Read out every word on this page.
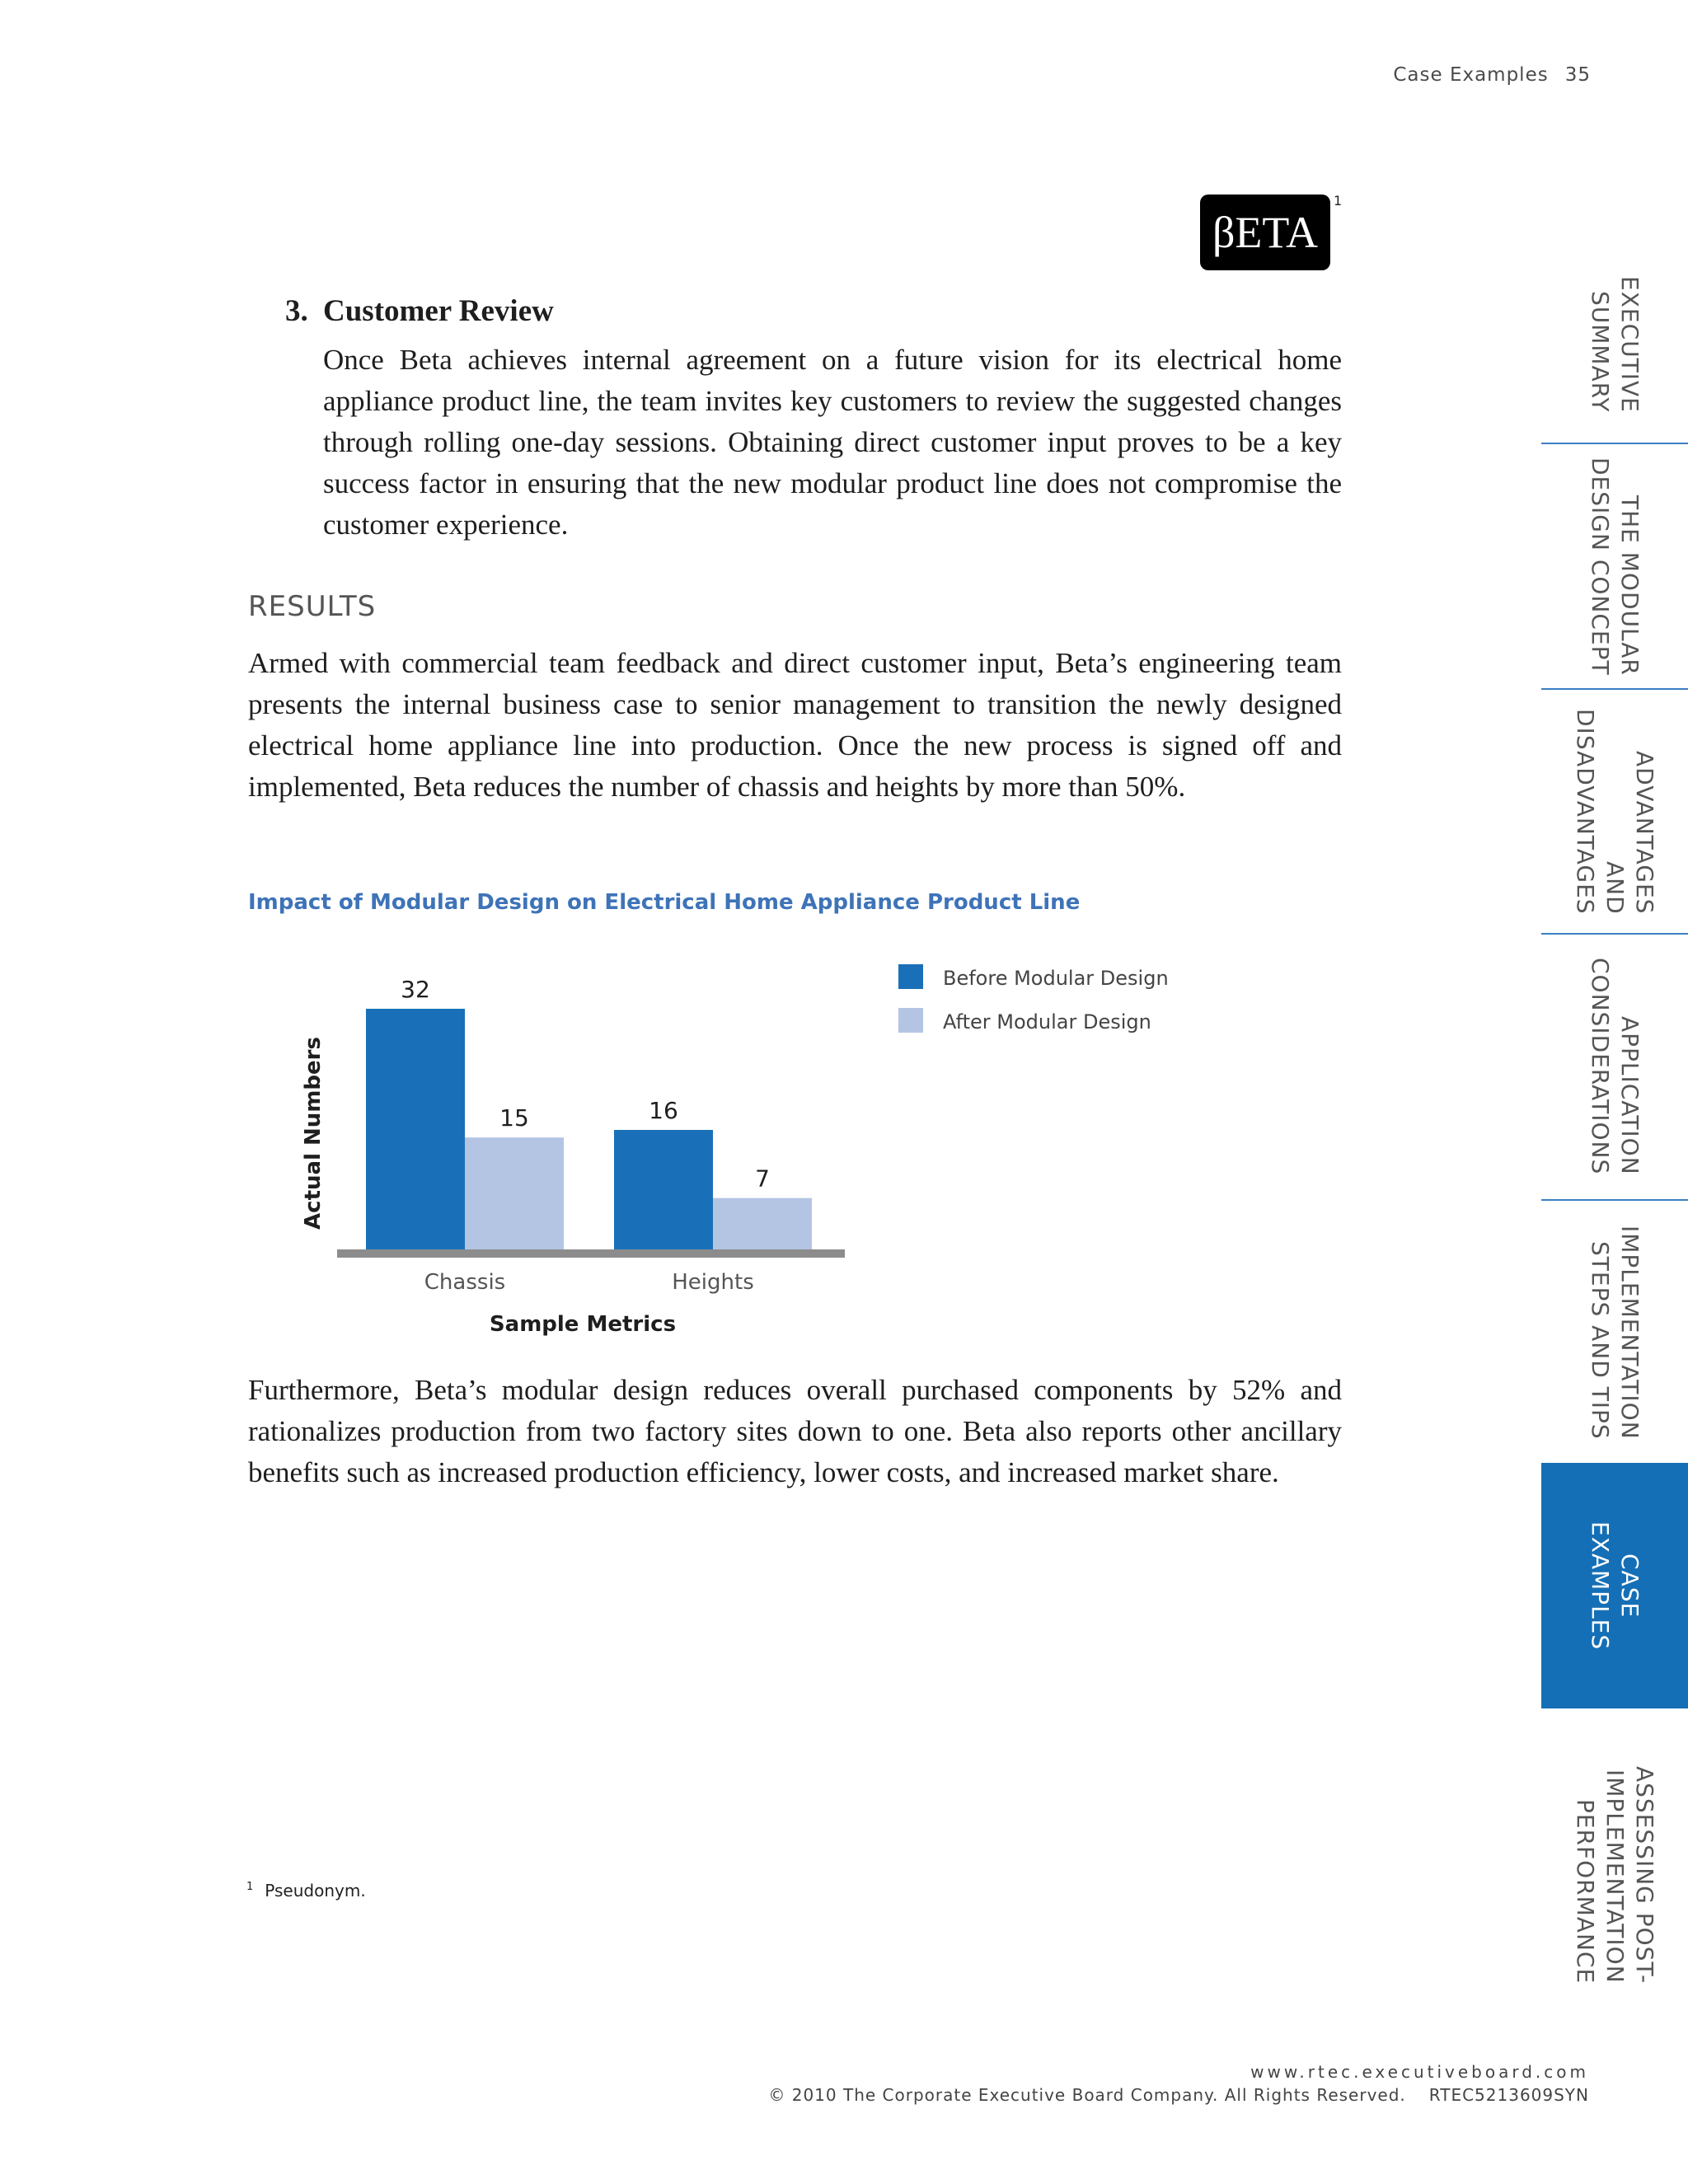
Case Examples 35
βETA
1
3. Customer Review
Once Beta achieves internal agreement on a future vision for its electrical home appliance product line, the team invites key customers to review the suggested changes through rolling one-day sessions. Obtaining direct customer input proves to be a key success factor in ensuring that the new modular product line does not compromise the customer experience.
RESULTS
Armed with commercial team feedback and direct customer input, Beta’s engineering team presents the internal business case to senior management to transition the newly designed electrical home appliance line into production. Once the new process is signed off and implemented, Beta reduces the number of chassis and heights by more than 50%.
Impact of Modular Design on Electrical Home Appliance Product Line
32
15
Chassis
16
7
Heights
Before Modular Design
After Modular Design
Actual Numbers
Sample Metrics
Furthermore, Beta’s modular design reduces overall purchased components by 52% and rationalizes production from two factory sites down to one. Beta also reports other ancillary benefits such as increased production efficiency, lower costs, and increased market share.
$^1$ Pseudonym.
www.rtec.executiveboard.com
© 2010 The Corporate Executive Board Company. All Rights Reserved. RTEC5213609SYN
EXECUTIVE
SUMMARY
THE MODULAR
DESIGN CONCEPT
ADVANTAGES
AND
DISADVANTAGES
APPLICATION
CONSIDERATIONS
IMPLEMENTATION
STEPS AND TIPS
CASE
EXAMPLES
ASSESSING POST-
IMPLEMENTATION
PERFORMANCE
